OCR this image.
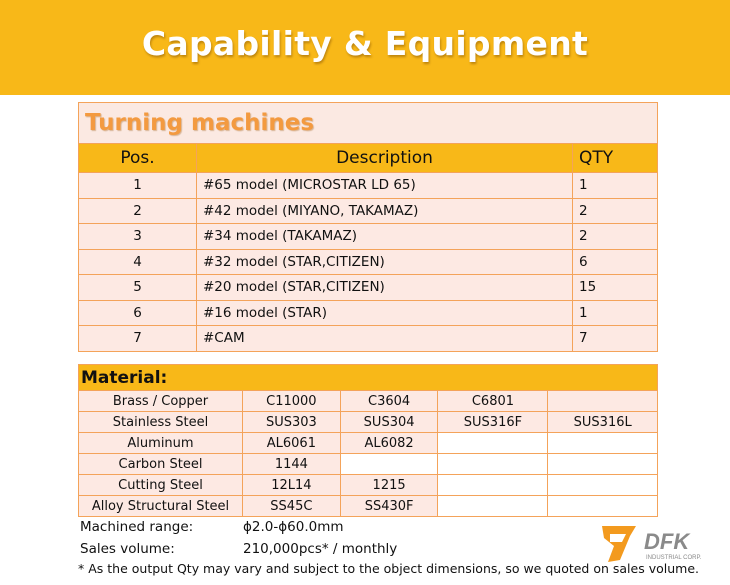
Capability & Equipment
Turning machines		
Pos.	Description	QTY
1	#65 model (MICROSTAR LD 65)	1
2	#42 model (MIYANO, TAKAMAZ)	2
3	#34 model (TAKAMAZ)	2
4	#32 model (STAR,CITIZEN)	6
5	#20 model (STAR,CITIZEN)	15
6	#16 model (STAR)	1
7	#CAM	7
Material:				
Brass / Copper	C11000	C3604	C6801	
Stainless Steel	SUS303	SUS304	SUS316F	SUS316L
Aluminum	AL6061	AL6082		
Carbon Steel	1144			
Cutting Steel	12L14	1215		
Alloy Structural Steel	SS45C	SS430F		
Machined range:	ϕ2.0-ϕ60.0mm
Sales volume:	210,000pcs* / monthly
* As the output Qty may vary and subject to the object dimensions, so we quoted on sales volume.
DFK
INDUSTRIAL CORP.
